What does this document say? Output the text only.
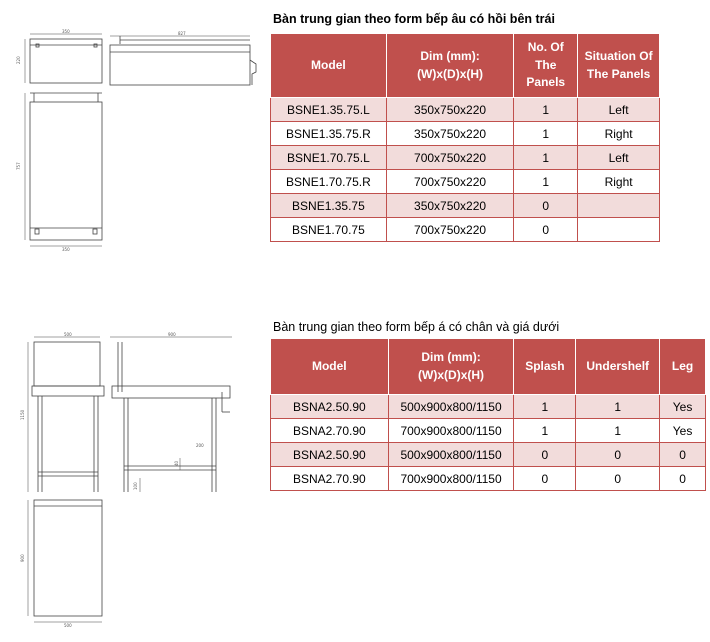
350
220
827
757
350
500
1150
900
200
100
40
900
500
Bàn trung gian theo form bếp âu có hồi bên trái
Model	Dim (mm):
(W)x(D)x(H)	No. Of The Panels	Situation Of The Panels
BSNE1.35.75.L	350x750x220	1	Left
BSNE1.35.75.R	350x750x220	1	Right
BSNE1.70.75.L	700x750x220	1	Left
BSNE1.70.75.R	700x750x220	1	Right
BSNE1.35.75	350x750x220	0	
BSNE1.70.75	700x750x220	0	
Bàn trung gian theo form bếp á có chân và giá dưới
Model	Dim (mm):
(W)x(D)x(H)	Splash	Undershelf	Leg
BSNA2.50.90	500x900x800/1150	1	1	Yes
BSNA2.70.90	700x900x800/1150	1	1	Yes
BSNA2.50.90	500x900x800/1150	0	0	0
BSNA2.70.90	700x900x800/1150	0	0	0
